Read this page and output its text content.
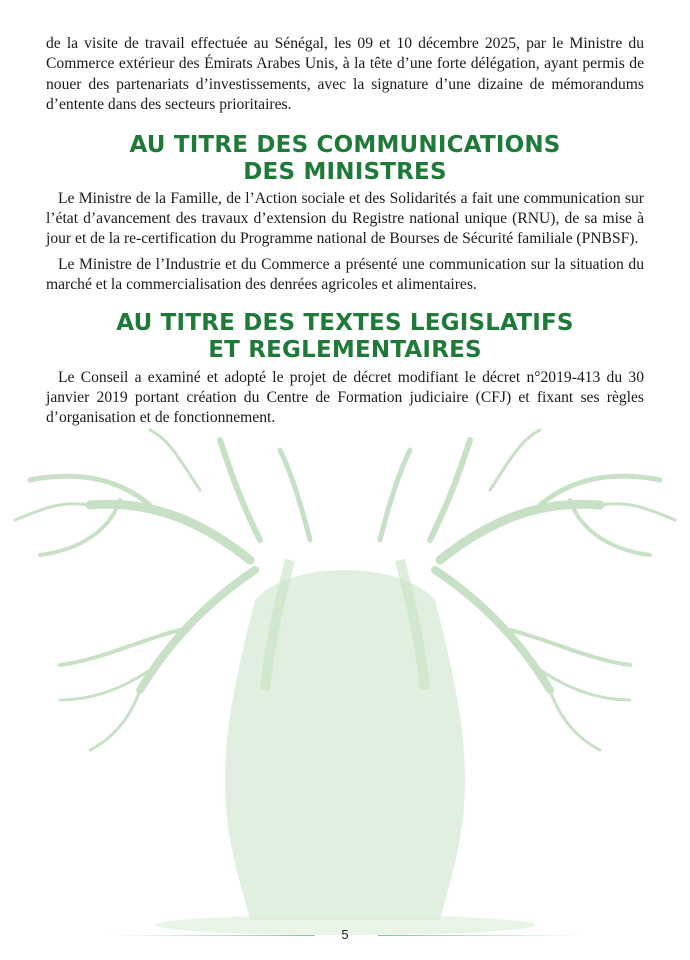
de la visite de travail effectuée au Sénégal, les 09 et 10 décembre 2025, par le Ministre du Commerce extérieur des Émirats Arabes Unis, à la tête d’une forte délégation, ayant permis de nouer des partenariats d’investissements, avec la signature d’une dizaine de mémorandums d’entente dans des secteurs prioritaires.

AU TITRE DES COMMUNICATIONS
DES MINISTRES

Le Ministre de la Famille, de l’Action sociale et des Solidarités a fait une communication sur l’état d’avancement des travaux d’extension du Registre national unique (RNU), de sa mise à jour et de la re-certification du Programme national de Bourses de Sécurité familiale (PNBSF).

Le Ministre de l’Industrie et du Commerce a présenté une communication sur la situation du marché et la commercialisation des denrées agricoles et alimentaires.

AU TITRE DES TEXTES LEGISLATIFS
ET REGLEMENTAIRES

Le Conseil a examiné et adopté le projet de décret modifiant le décret n°2019-413 du 30 janvier 2019 portant création du Centre de Formation judiciaire (CFJ) et fixant ses règles d’organisation et de fonctionnement.

5
